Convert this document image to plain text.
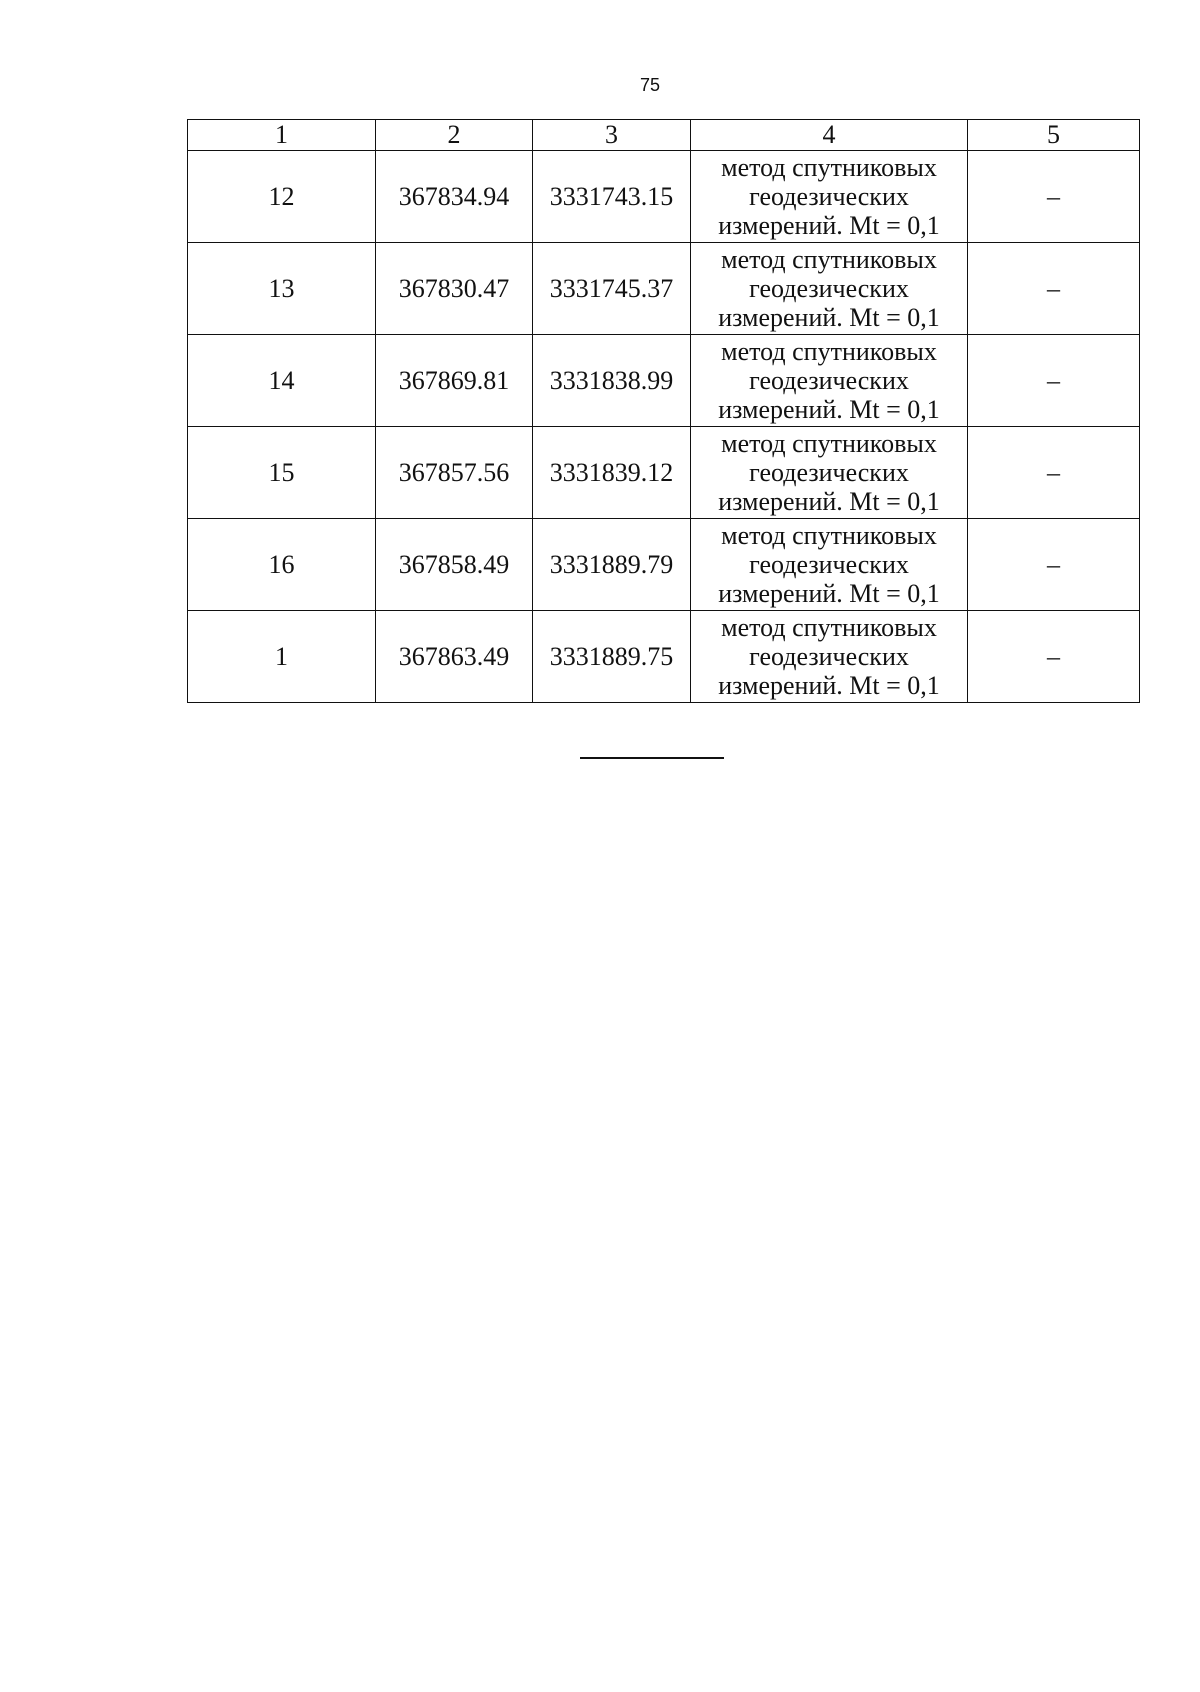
75
1	2	3	4	5
12	367834.94	3331743.15	метод спутниковых геодезических измерений. Mt = 0,1	–
13	367830.47	3331745.37	метод спутниковых геодезических измерений. Mt = 0,1	–
14	367869.81	3331838.99	метод спутниковых геодезических измерений. Mt = 0,1	–
15	367857.56	3331839.12	метод спутниковых геодезических измерений. Mt = 0,1	–
16	367858.49	3331889.79	метод спутниковых геодезических измерений. Mt = 0,1	–
1	367863.49	3331889.75	метод спутниковых геодезических измерений. Mt = 0,1	–
